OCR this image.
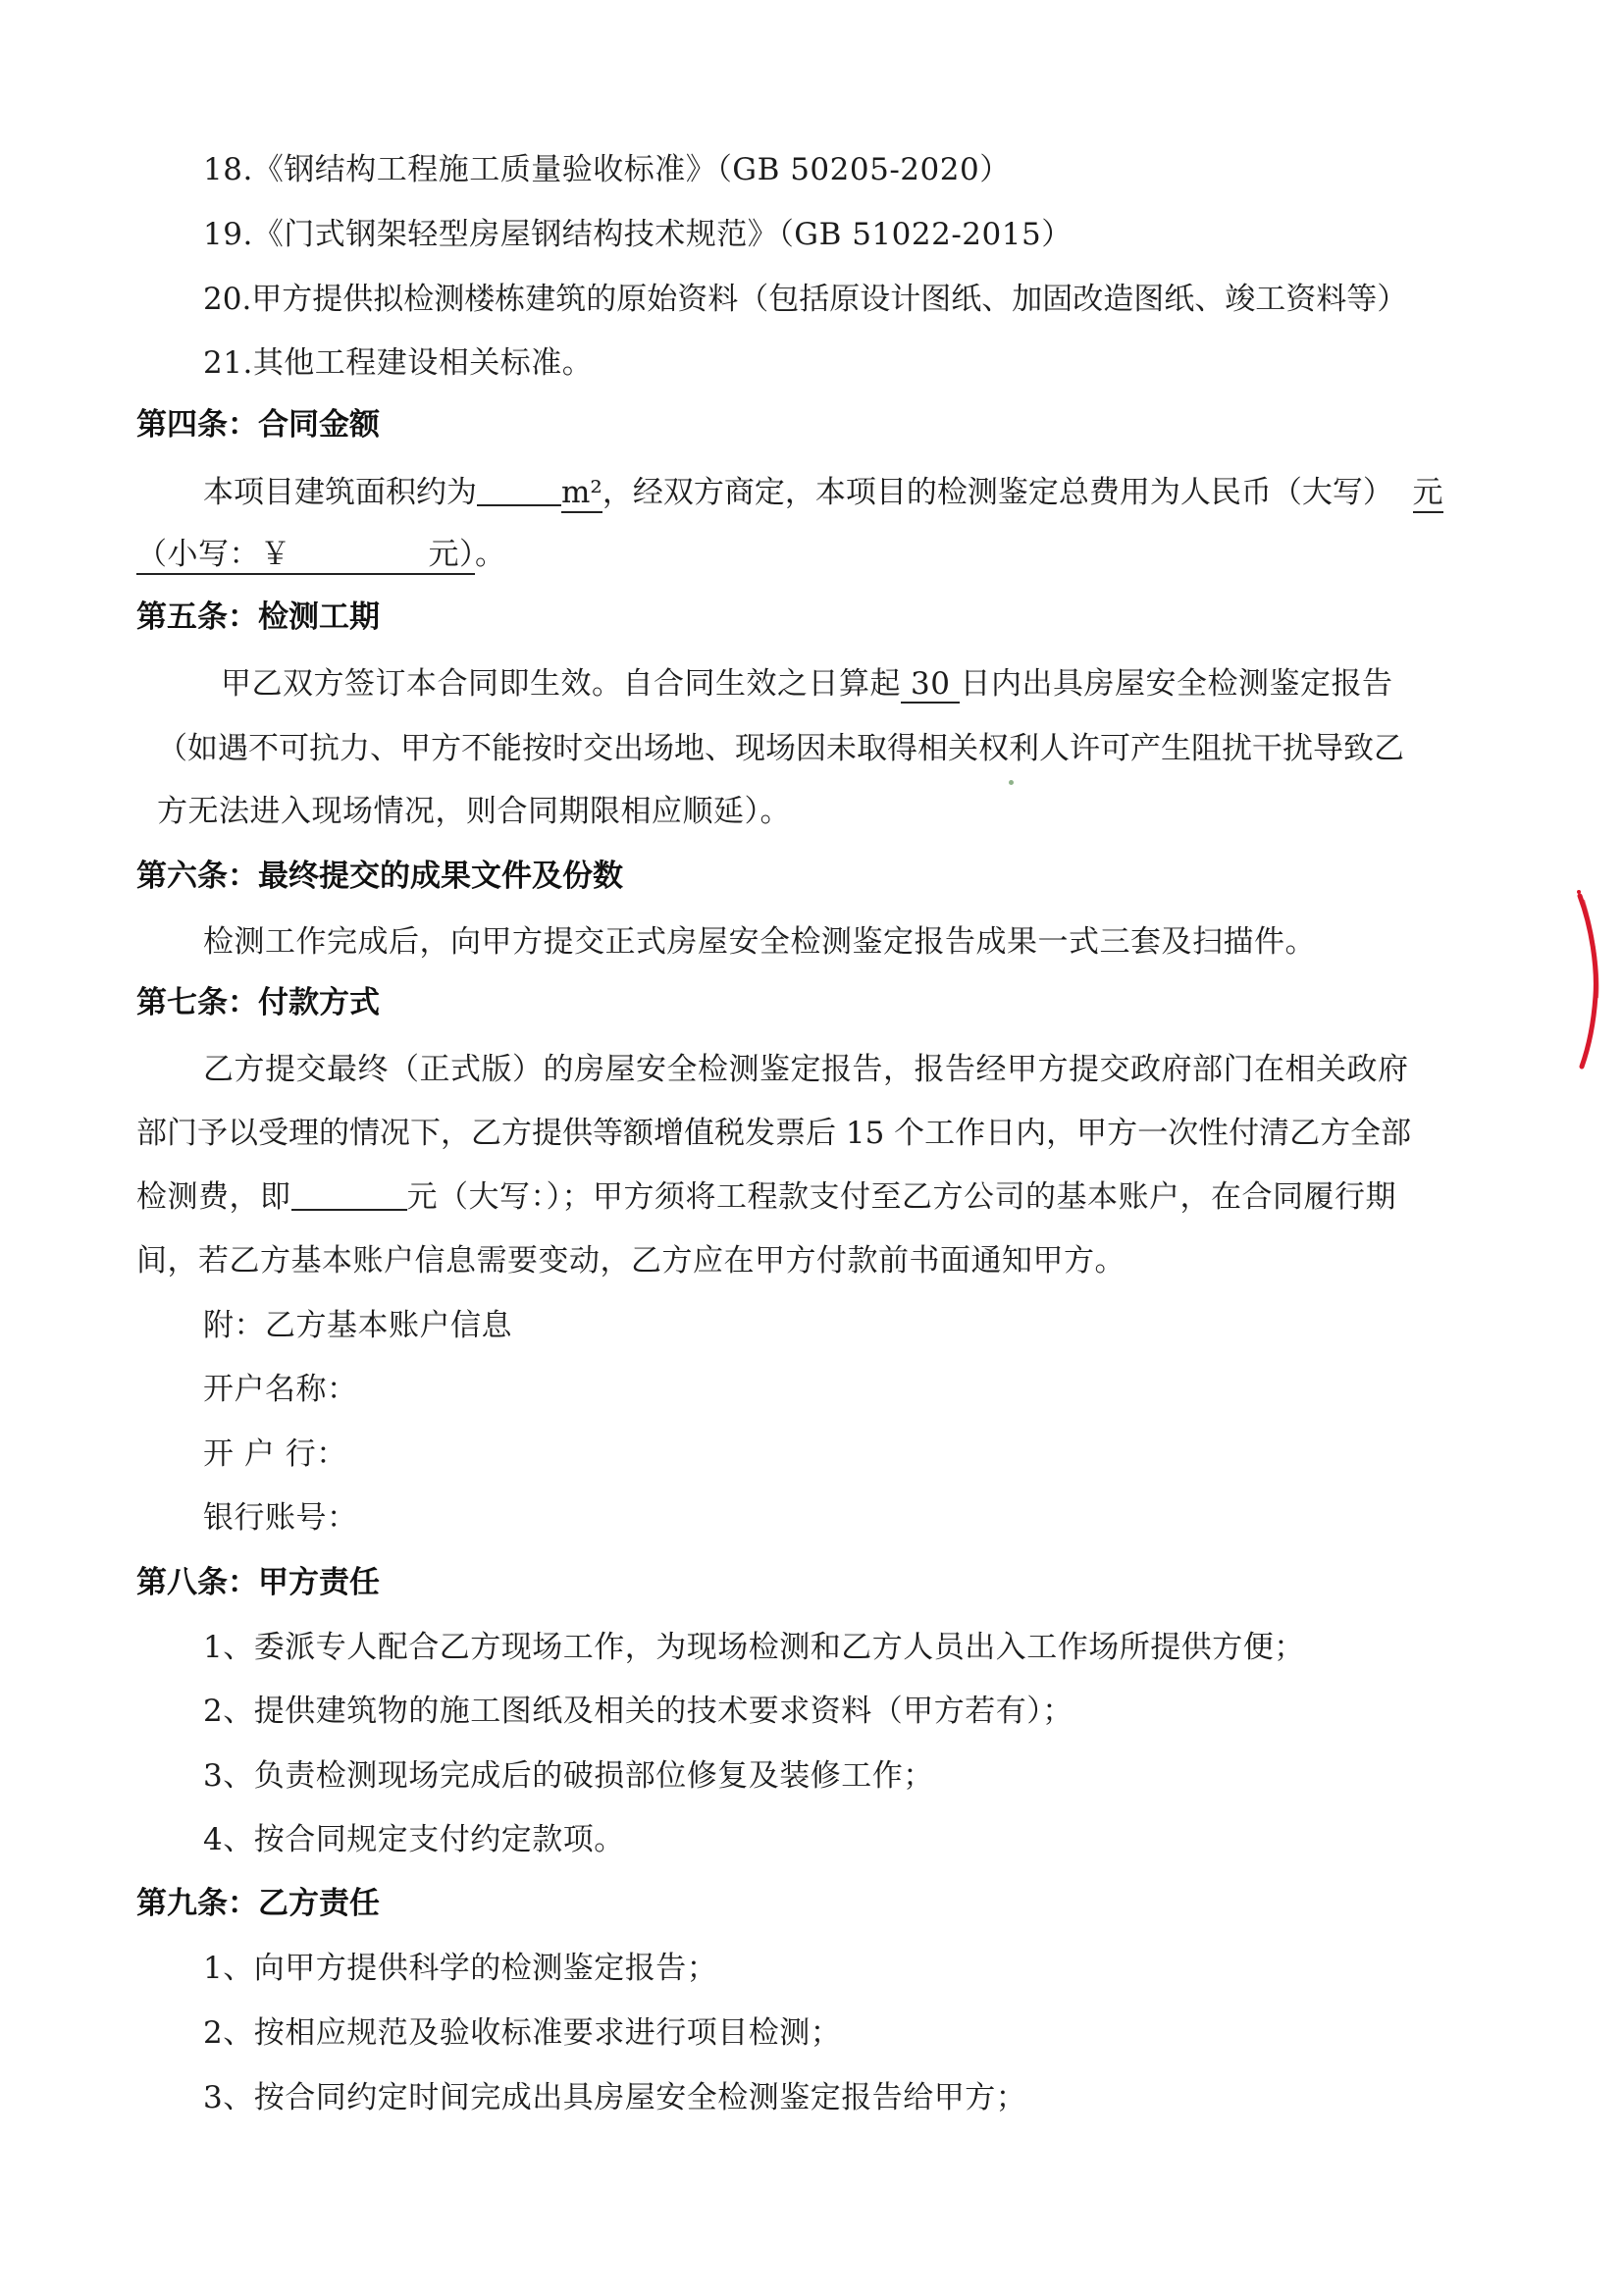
18.《钢结构工程施工质量验收标准》（GB 50205-2020）
19.《门式钢架轻型房屋钢结构技术规范》（GB 51022-2015）
20.甲方提供拟检测楼栋建筑的原始资料（包括原设计图纸、加固改造图纸、竣工资料等）
21.其他工程建设相关标准。
第四条：合同金额
本项目建筑面积约为	m²，经双方商定，本项目的检测鉴定总费用为人民币（大写） 元
（小写：￥	元）。
第五条：检测工期
甲乙双方签订本合同即生效。自合同生效之日算起 30 日内出具房屋安全检测鉴定报告
（如遇不可抗力、甲方不能按时交出场地、现场因未取得相关权利人许可产生阻扰干扰导致乙
方无法进入现场情况，则合同期限相应顺延）。
第六条：最终提交的成果文件及份数
检测工作完成后，向甲方提交正式房屋安全检测鉴定报告成果一式三套及扫描件。
第七条：付款方式
乙方提交最终（正式版）的房屋安全检测鉴定报告，报告经甲方提交政府部门在相关政府
部门予以受理的情况下，乙方提供等额增值税发票后 15 个工作日内，甲方一次性付清乙方全部
检测费，即	元（大写：）；甲方须将工程款支付至乙方公司的基本账户，在合同履行期
间，若乙方基本账户信息需要变动，乙方应在甲方付款前书面通知甲方。
附：乙方基本账户信息
开户名称：
开 户 行：
银行账号：
第八条：甲方责任
1、委派专人配合乙方现场工作，为现场检测和乙方人员出入工作场所提供方便；
2、提供建筑物的施工图纸及相关的技术要求资料（甲方若有）；
3、负责检测现场完成后的破损部位修复及装修工作；
4、按合同规定支付约定款项。
第九条：乙方责任
1、向甲方提供科学的检测鉴定报告；
2、按相应规范及验收标准要求进行项目检测；
3、按合同约定时间完成出具房屋安全检测鉴定报告给甲方；
